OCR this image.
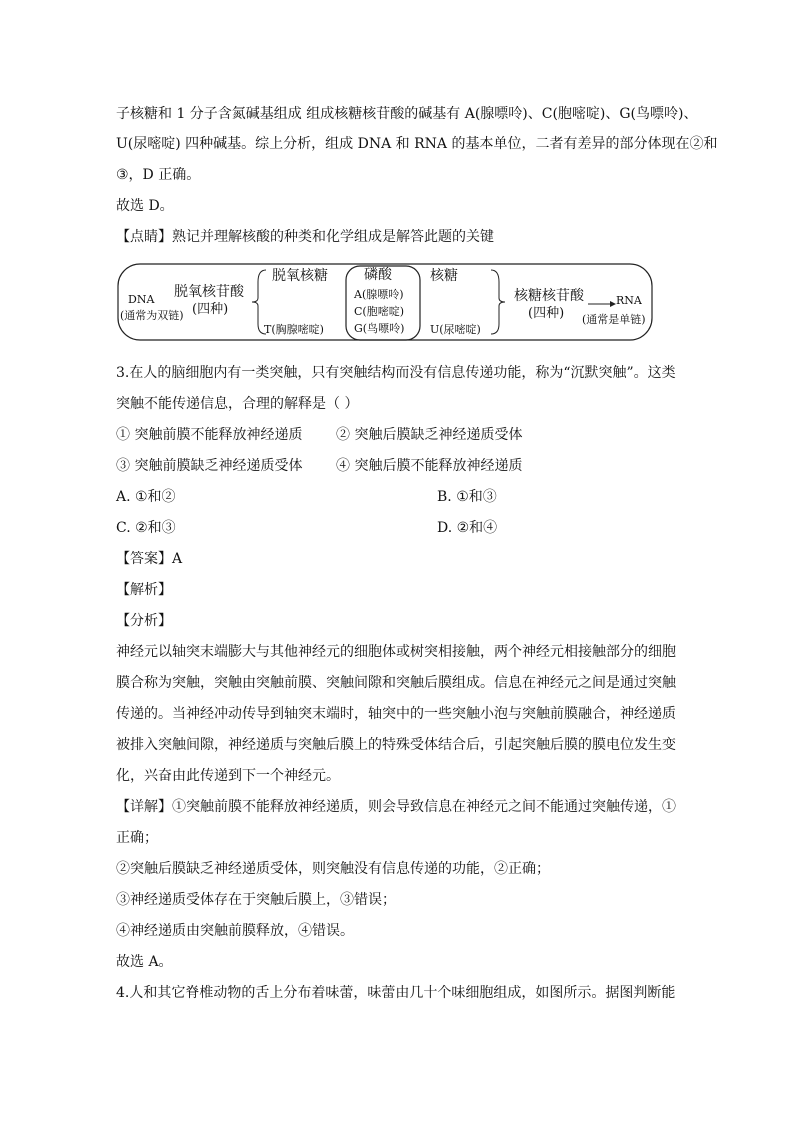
子核糖和 1 分子含氮碱基组成 组成核糖核苷酸的碱基有 A(腺嘌呤)、C(胞嘧啶)、G(鸟嘌呤)、
U(尿嘧啶) 四种碱基。综上分析，组成 DNA 和 RNA 的基本单位，二者有差异的部分体现在②和
③，D 正确。
故选 D。
【点睛】熟记并理解核酸的种类和化学组成是解答此题的关键
DNA
(通常为双链)
脱氧核苷酸
(四种)
脱氧核糖
T(胸腺嘧啶)
磷酸
A(腺嘌呤)
C(胞嘧啶)
G(鸟嘌呤)
核糖
U(尿嘧啶)
核糖核苷酸
(四种)
RNA
(通常是单链)
3.在人的脑细胞内有一类突触，只有突触结构而没有信息传递功能，称为“沉默突触”。这类
突触不能传递信息，合理的解释是（ ）
① 突触前膜不能释放神经递质 ② 突触后膜缺乏神经递质受体
③ 突触前膜缺乏神经递质受体 ④ 突触后膜不能释放神经递质
A. ①和②	B. ①和③
C. ②和③	D. ②和④
【答案】A
【解析】
【分析】
神经元以轴突末端膨大与其他神经元的细胞体或树突相接触，两个神经元相接触部分的细胞
膜合称为突触，突触由突触前膜、突触间隙和突触后膜组成。信息在神经元之间是通过突触
传递的。当神经冲动传导到轴突末端时，轴突中的一些突触小泡与突触前膜融合，神经递质
被排入突触间隙，神经递质与突触后膜上的特殊受体结合后，引起突触后膜的膜电位发生变
化，兴奋由此传递到下一个神经元。
【详解】①突触前膜不能释放神经递质，则会导致信息在神经元之间不能通过突触传递，①
正确；
②突触后膜缺乏神经递质受体，则突触没有信息传递的功能，②正确；
③神经递质受体存在于突触后膜上，③错误；
④神经递质由突触前膜释放，④错误。
故选 A。
4.人和其它脊椎动物的舌上分布着味蕾，味蕾由几十个味细胞组成，如图所示。据图判断能
